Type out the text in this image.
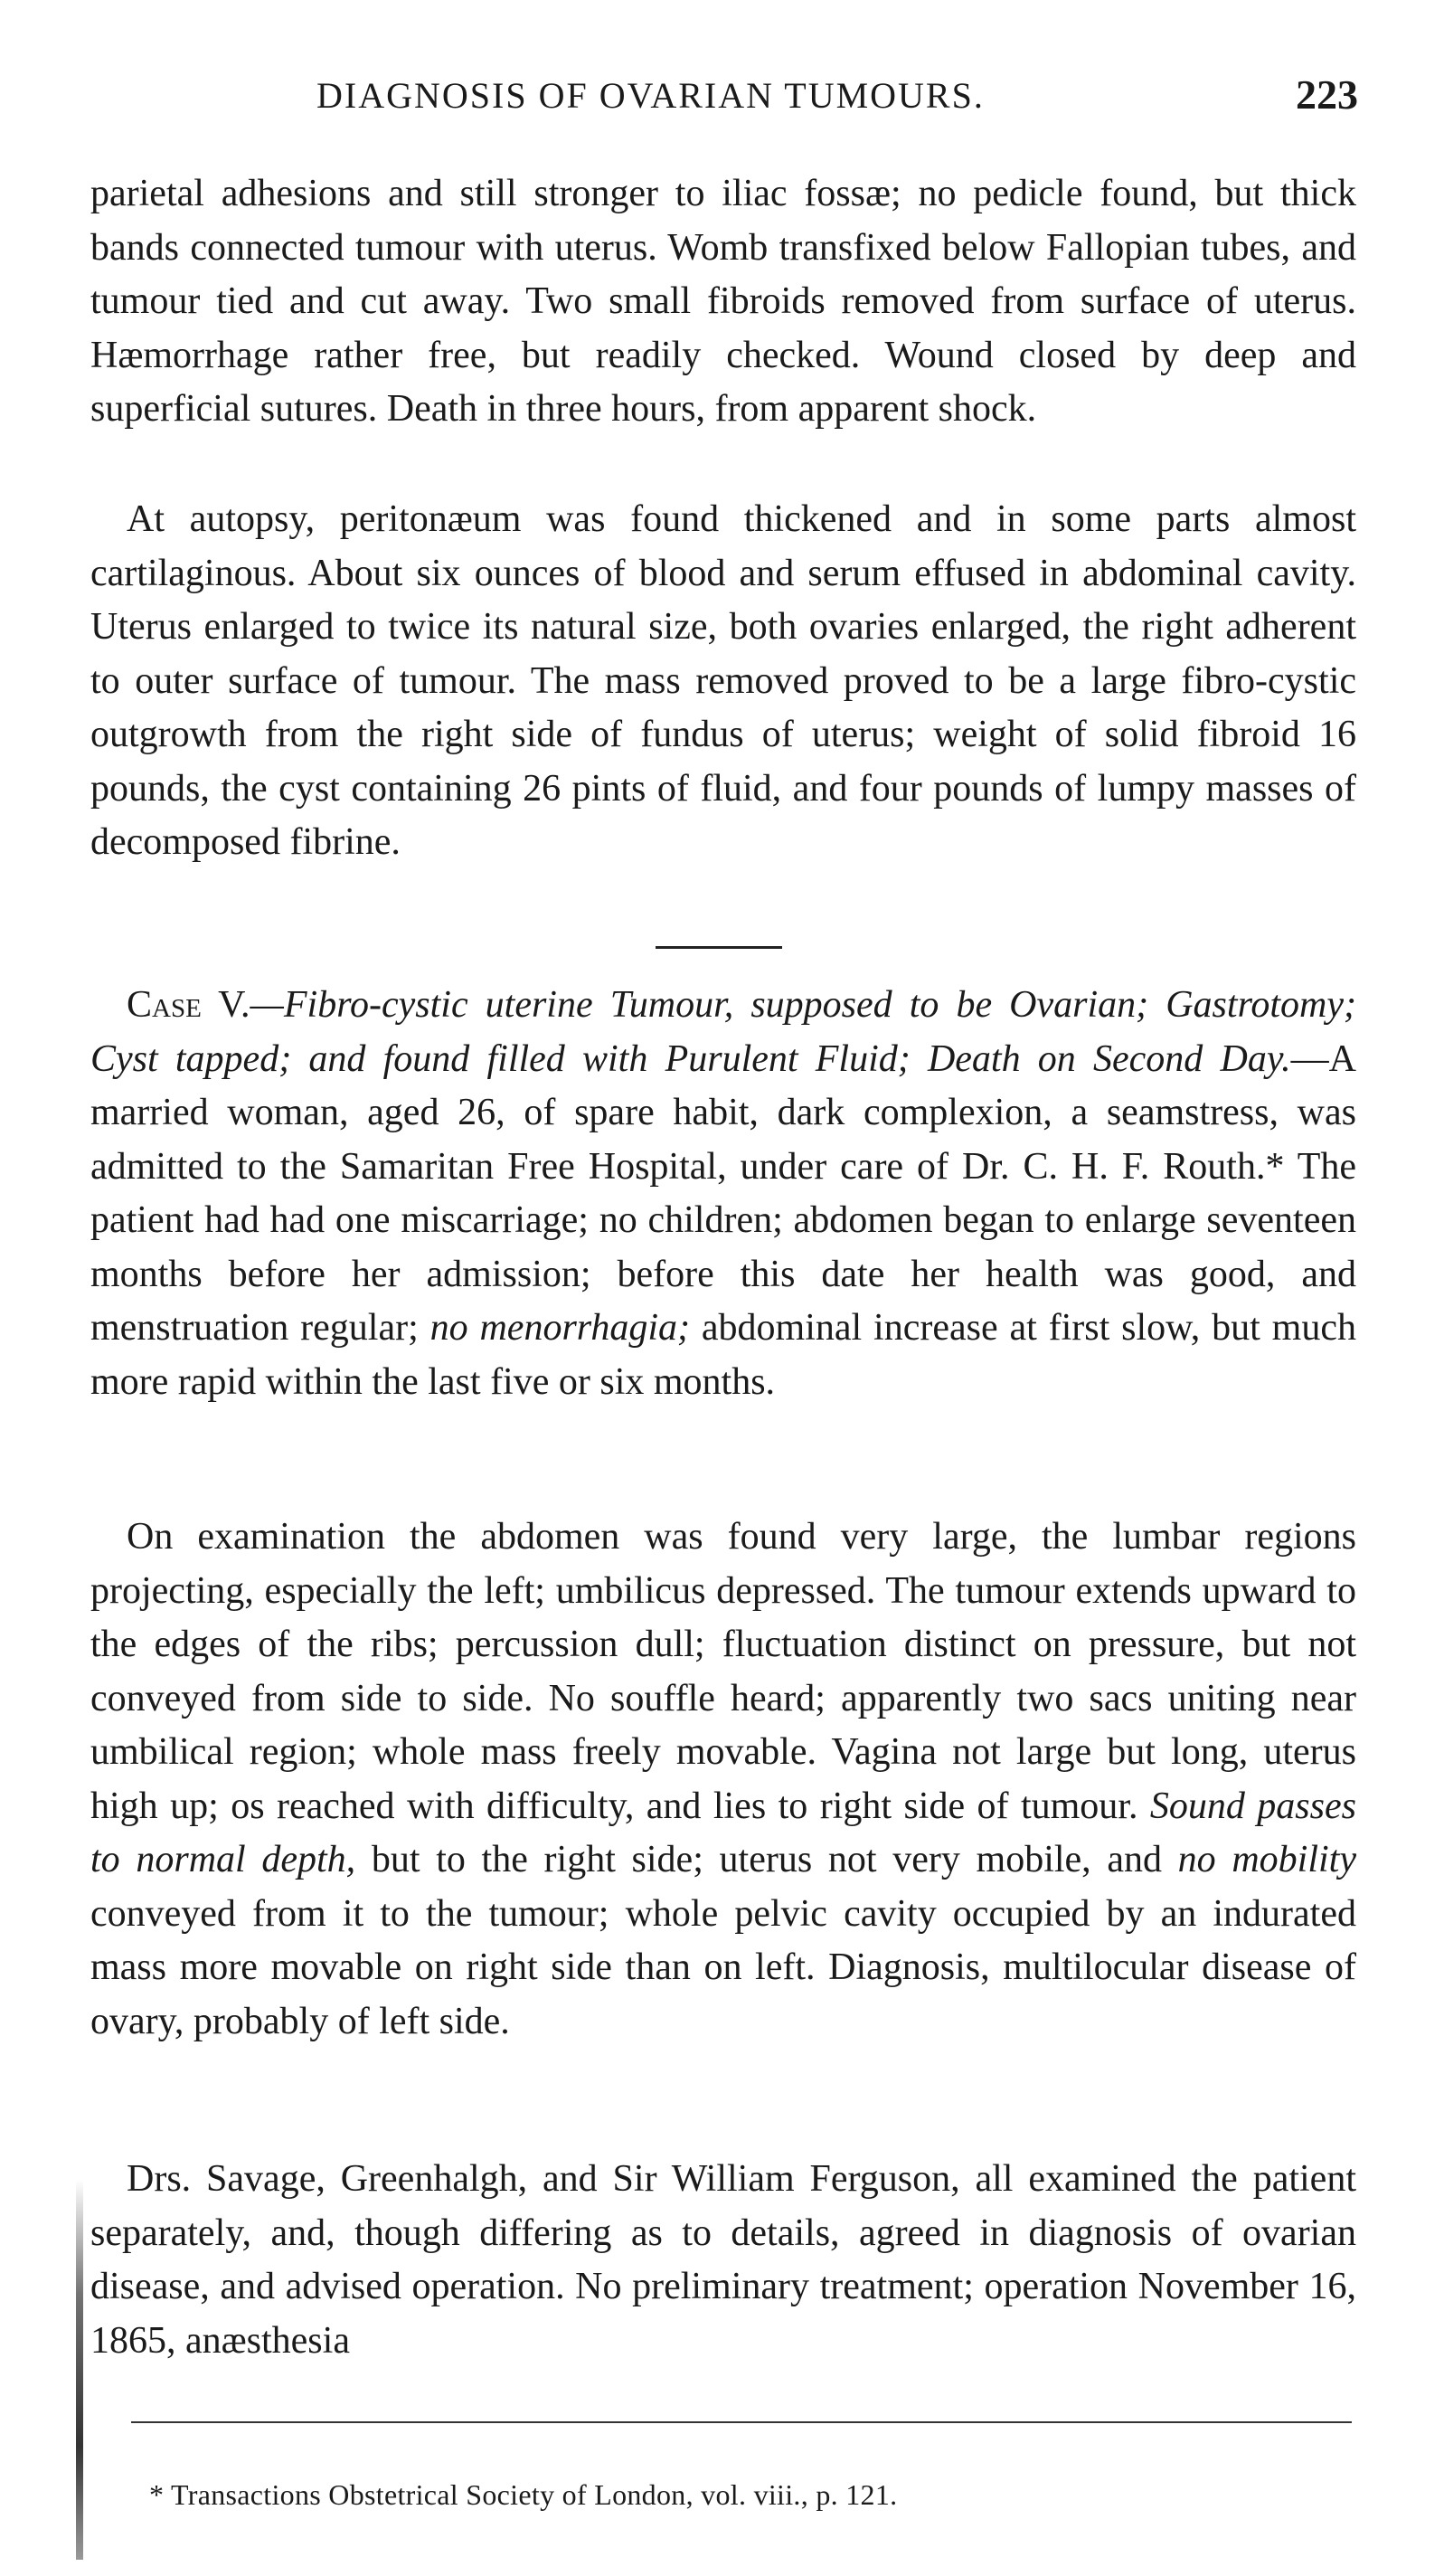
DIAGNOSIS OF OVARIAN TUMOURS.	223

parietal adhesions and still stronger to iliac fossæ; no pedicle found, but thick bands connected tumour with uterus. Womb transfixed below Fallopian tubes, and tumour tied and cut away. Two small fibroids removed from surface of uterus. Hæmorrhage rather free, but readily checked. Wound closed by deep and superficial sutures. Death in three hours, from apparent shock.

At autopsy, peritonæum was found thickened and in some parts almost cartilaginous. About six ounces of blood and serum effused in abdominal cavity. Uterus enlarged to twice its natural size, both ovaries enlarged, the right adherent to outer surface of tumour. The mass removed proved to be a large fibro-cystic outgrowth from the right side of fundus of uterus; weight of solid fibroid 16 pounds, the cyst containing 26 pints of fluid, and four pounds of lumpy masses of decomposed fibrine.

Case V.—Fibro-cystic uterine Tumour, supposed to be Ovarian; Gastrotomy; Cyst tapped; and found filled with Purulent Fluid; Death on Second Day.—A married woman, aged 26, of spare habit, dark complexion, a seamstress, was admitted to the Samaritan Free Hospital, under care of Dr. C. H. F. Routh.* The patient had had one miscarriage; no children; abdomen began to enlarge seventeen months before her admission; before this date her health was good, and menstruation regular; no menorrhagia; abdominal increase at first slow, but much more rapid within the last five or six months.

On examination the abdomen was found very large, the lumbar regions projecting, especially the left; umbilicus depressed. The tumour extends upward to the edges of the ribs; percussion dull; fluctuation distinct on pressure, but not conveyed from side to side. No souffle heard; apparently two sacs uniting near umbilical region; whole mass freely movable. Vagina not large but long, uterus high up; os reached with difficulty, and lies to right side of tumour. Sound passes to normal depth, but to the right side; uterus not very mobile, and no mobility conveyed from it to the tumour; whole pelvic cavity occupied by an indurated mass more movable on right side than on left. Diagnosis, multilocular disease of ovary, probably of left side.

Drs. Savage, Greenhalgh, and Sir William Ferguson, all examined the patient separately, and, though differing as to details, agreed in diagnosis of ovarian disease, and advised operation. No preliminary treatment; operation November 16, 1865, anæsthesia

* Transactions Obstetrical Society of London, vol. viii., p. 121.
